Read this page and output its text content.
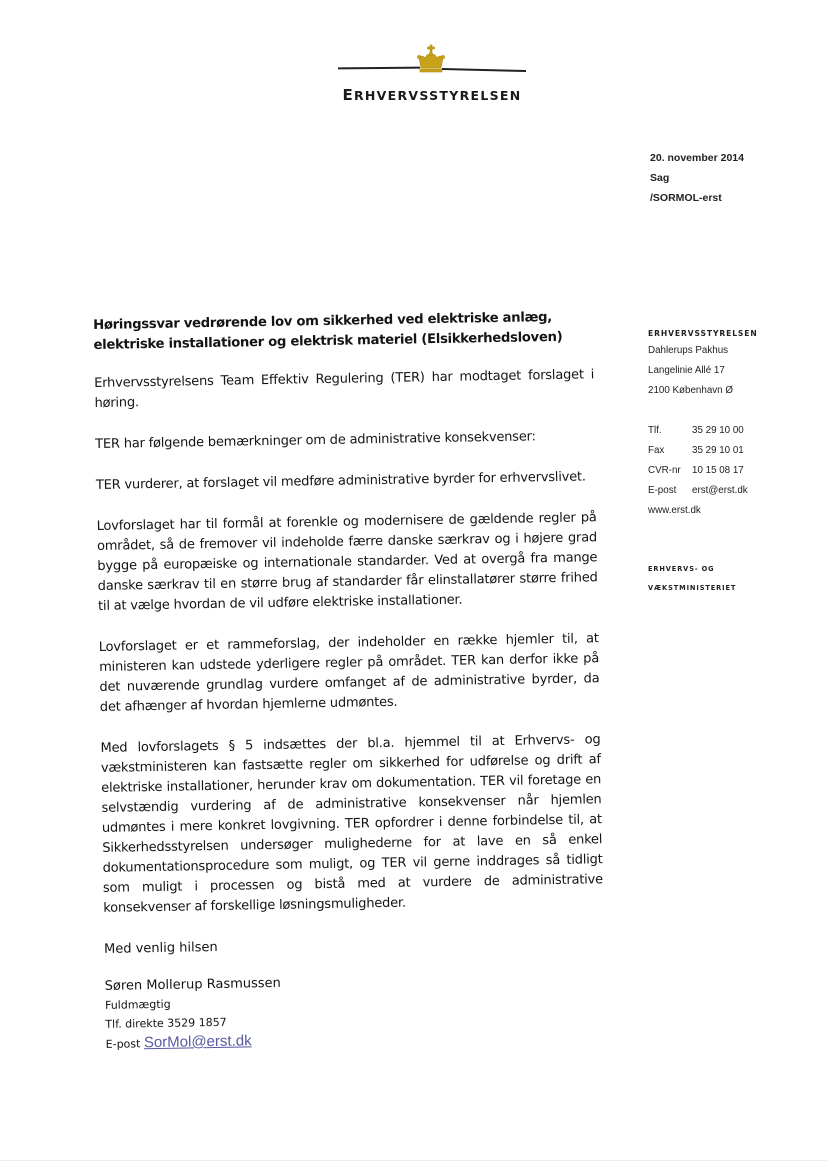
ERHVERVSSTYRELSEN
20. november 2014
Sag
/SORMOL-erst
ERHVERVSSTYRELSEN
Dahlerups Pakhus
Langelinie Allé 17
2100 København Ø
Tlf.	35 29 10 00
Fax	35 29 10 01
CVR-nr 10 15 08 17
E-post erst@erst.dk
www.erst.dk
ERHVERVS- OG
VÆKSTMINISTERIET
Høringssvar vedrørende lov om sikkerhed ved elektriske anlæg, elektriske installationer og elektrisk materiel (Elsikkerhedsloven)
Erhvervsstyrelsens Team Effektiv Regulering (TER) har modtaget forslaget i høring.
TER har følgende bemærkninger om de administrative konsekvenser:
TER vurderer, at forslaget vil medføre administrative byrder for erhvervslivet.
Lovforslaget har til formål at forenkle og modernisere de gældende regler på området, så de fremover vil indeholde færre danske særkrav og i højere grad bygge på europæiske og internationale standarder. Ved at overgå fra mange danske særkrav til en større brug af standarder får elinstallatører større frihed til at vælge hvordan de vil udføre elektriske installationer.
Lovforslaget er et rammeforslag, der indeholder en række hjemler til, at ministeren kan udstede yderligere regler på området. TER kan derfor ikke på det nuværende grundlag vurdere omfanget af de administrative byrder, da det afhænger af hvordan hjemlerne udmøntes.
Med lovforslagets § 5 indsættes der bl.a. hjemmel til at Erhvervs- og vækstministeren kan fastsætte regler om sikkerhed for udførelse og drift af elektriske installationer, herunder krav om dokumentation. TER vil foretage en selvstændig vurdering af de administrative konsekvenser når hjemlen udmøntes i mere konkret lovgivning. TER opfordrer i denne forbindelse til, at Sikkerhedsstyrelsen undersøger mulighederne for at lave en så enkel dokumentationsprocedure som muligt, og TER vil gerne inddrages så tidligt som muligt i processen og bistå med at vurdere de administrative konsekvenser af forskellige løsningsmuligheder.
Med venlig hilsen
Søren Mollerup Rasmussen
Fuldmægtig
Tlf. direkte 3529 1857
E-post SorMol@erst.dk
